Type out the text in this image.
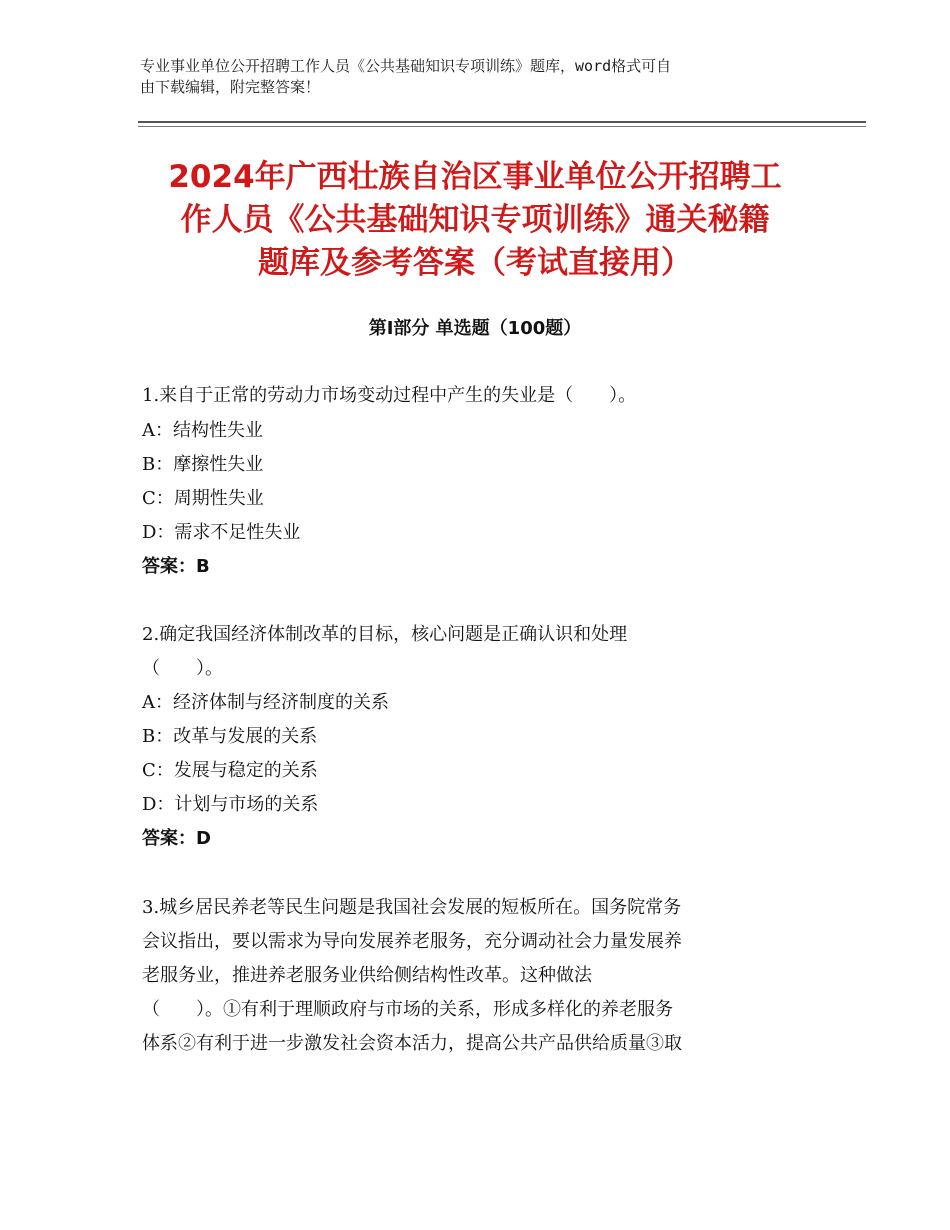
专业事业单位公开招聘工作人员《公共基础知识专项训练》题库，word格式可自
由下载编辑，附完整答案！
2024年广西壮族自治区事业单位公开招聘工
作人员《公共基础知识专项训练》通关秘籍
题库及参考答案（考试直接用）
第Ⅰ部分 单选题（100题）
1.来自于正常的劳动力市场变动过程中产生的失业是（　　）。
A：结构性失业
B：摩擦性失业
C：周期性失业
D：需求不足性失业
答案：B
2.确定我国经济体制改革的目标，核心问题是正确认识和处理
（　　）。
A：经济体制与经济制度的关系
B：改革与发展的关系
C：发展与稳定的关系
D：计划与市场的关系
答案：D
3.城乡居民养老等民生问题是我国社会发展的短板所在。国务院常务
会议指出，要以需求为导向发展养老服务，充分调动社会力量发展养
老服务业，推进养老服务业供给侧结构性改革。这种做法
（　　）。①有利于理顺政府与市场的关系，形成多样化的养老服务
体系②有利于进一步激发社会资本活力，提高公共产品供给质量③取
